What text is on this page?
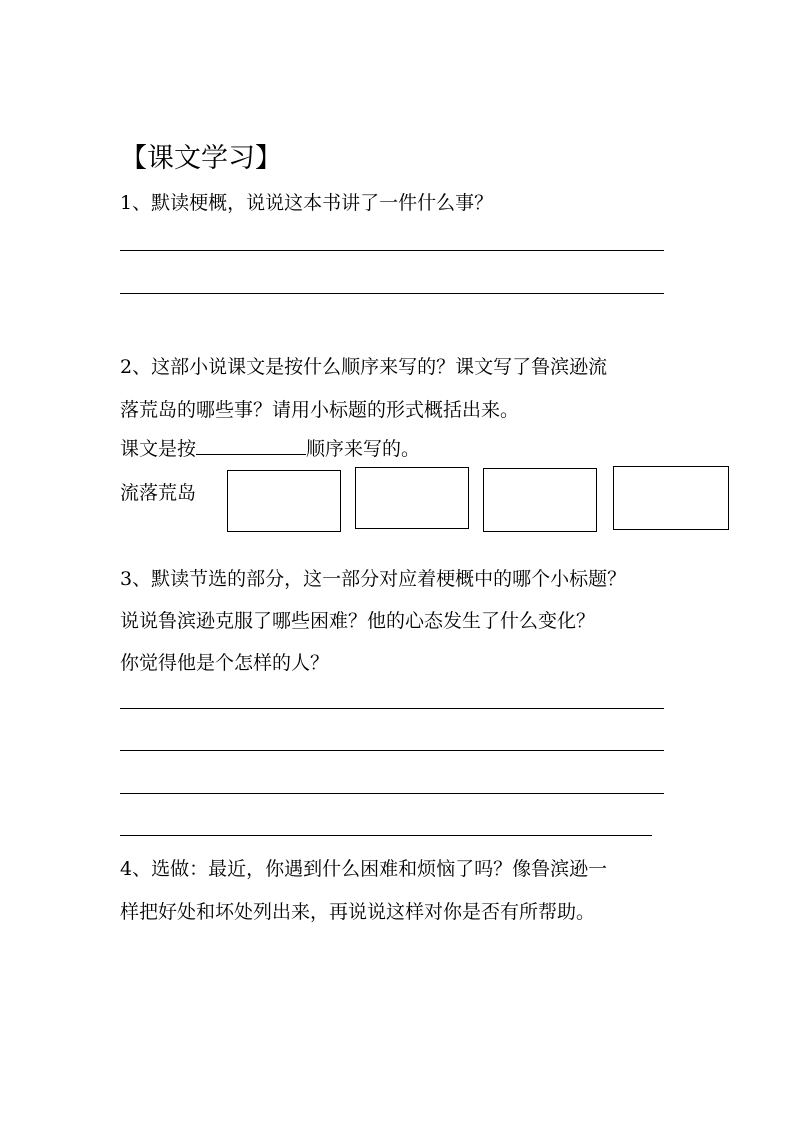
【课文学习】
1、默读梗概，说说这本书讲了一件什么事？
2、这部小说课文是按什么顺序来写的？课文写了鲁滨逊流
落荒岛的哪些事？请用小标题的形式概括出来。
课文是按	顺序来写的。
流落荒岛
3、默读节选的部分，这一部分对应着梗概中的哪个小标题？
说说鲁滨逊克服了哪些困难？他的心态发生了什么变化？
你觉得他是个怎样的人？
4、选做：最近，你遇到什么困难和烦恼了吗？像鲁滨逊一
样把好处和坏处列出来，再说说这样对你是否有所帮助。
